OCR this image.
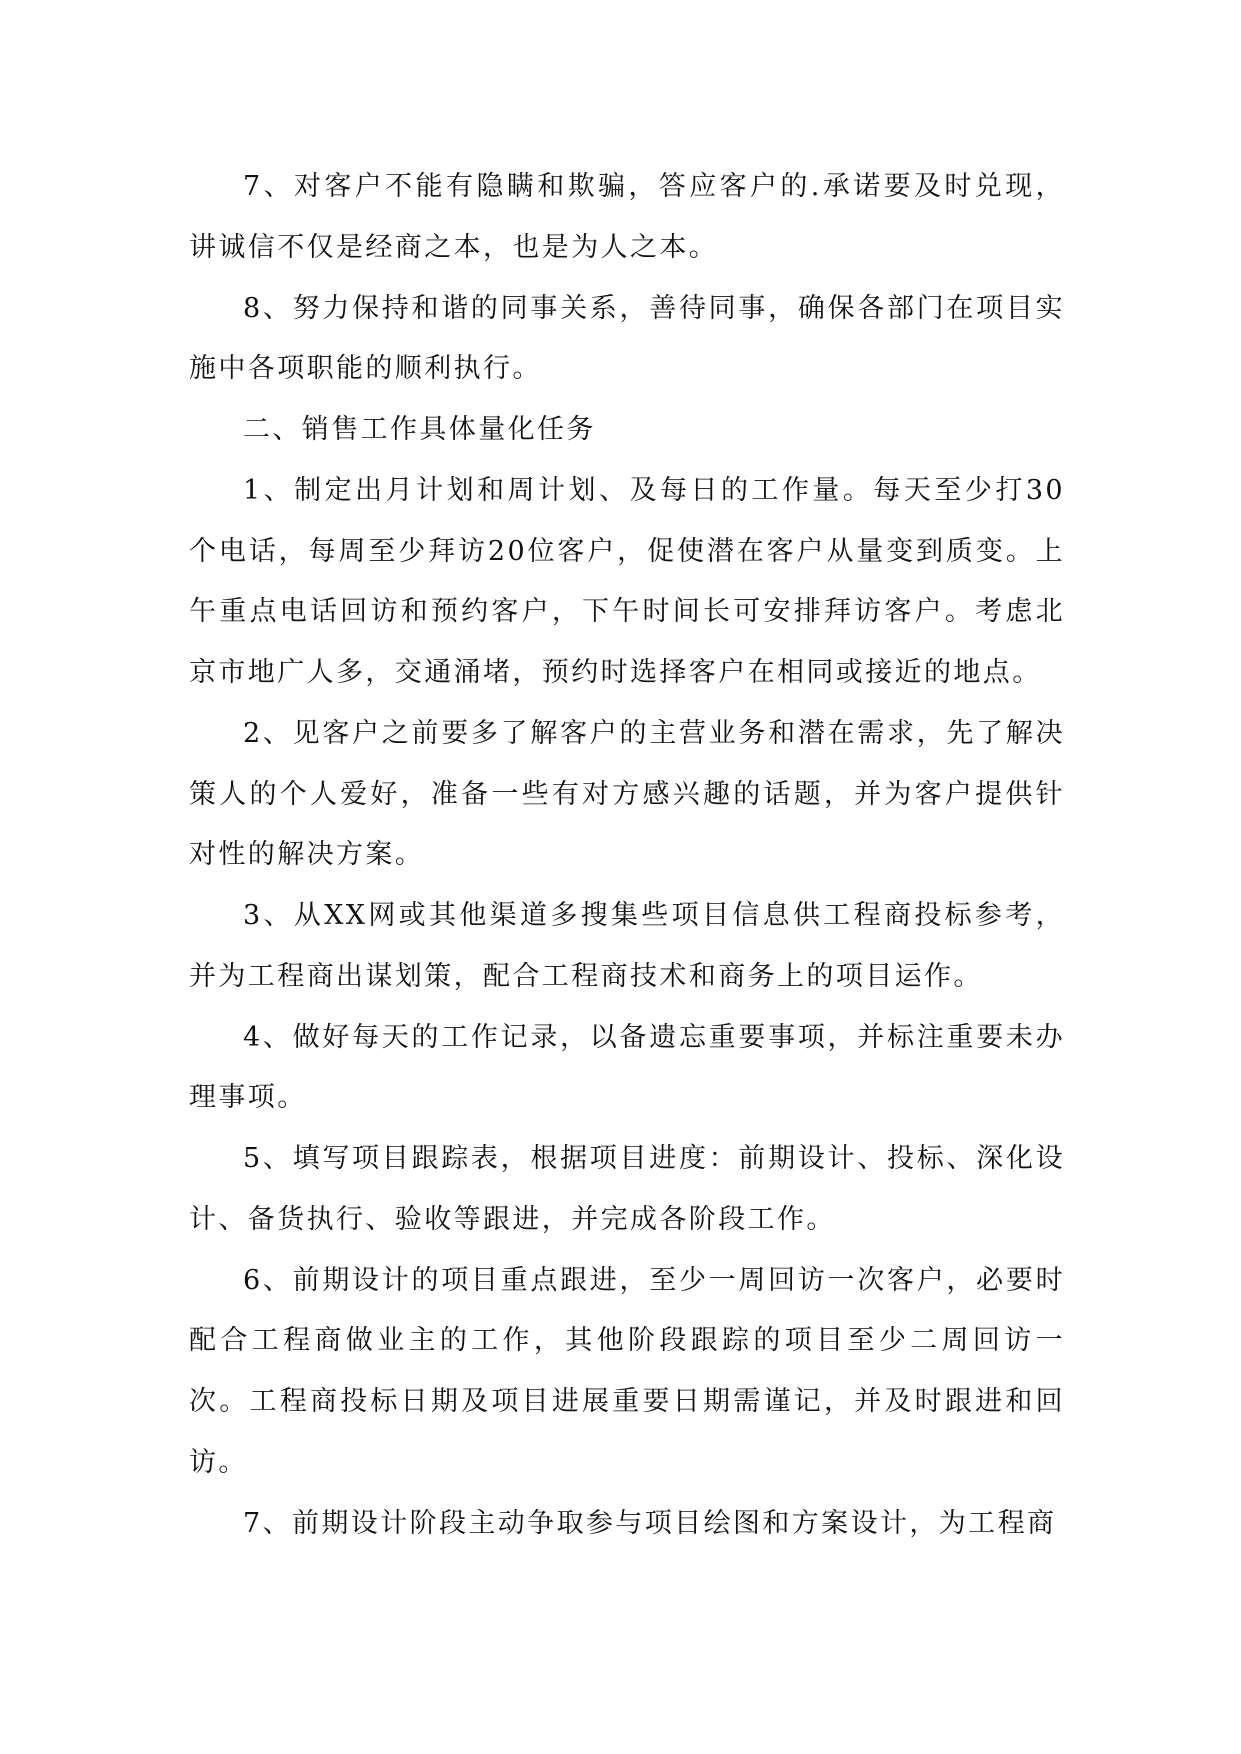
7、对客户不能有隐瞒和欺骗，答应客户的.承诺要及时兑现，讲诚信不仅是经商之本，也是为人之本。

8、努力保持和谐的同事关系，善待同事，确保各部门在项目实施中各项职能的顺利执行。

二、销售工作具体量化任务

1、制定出月计划和周计划、及每日的工作量。每天至少打30个电话，每周至少拜访20位客户，促使潜在客户从量变到质变。上午重点电话回访和预约客户，下午时间长可安排拜访客户。考虑北京市地广人多，交通涌堵，预约时选择客户在相同或接近的地点。

2、见客户之前要多了解客户的主营业务和潜在需求，先了解决策人的个人爱好，准备一些有对方感兴趣的话题，并为客户提供针对性的解决方案。

3、从XX网或其他渠道多搜集些项目信息供工程商投标参考，并为工程商出谋划策，配合工程商技术和商务上的项目运作。

4、做好每天的工作记录，以备遗忘重要事项，并标注重要未办理事项。

5、填写项目跟踪表，根据项目进度：前期设计、投标、深化设计、备货执行、验收等跟进，并完成各阶段工作。

6、前期设计的项目重点跟进，至少一周回访一次客户，必要时配合工程商做业主的工作，其他阶段跟踪的项目至少二周回访一次。工程商投标日期及项目进展重要日期需谨记，并及时跟进和回访。

7、前期设计阶段主动争取参与项目绘图和方案设计，为工程商
